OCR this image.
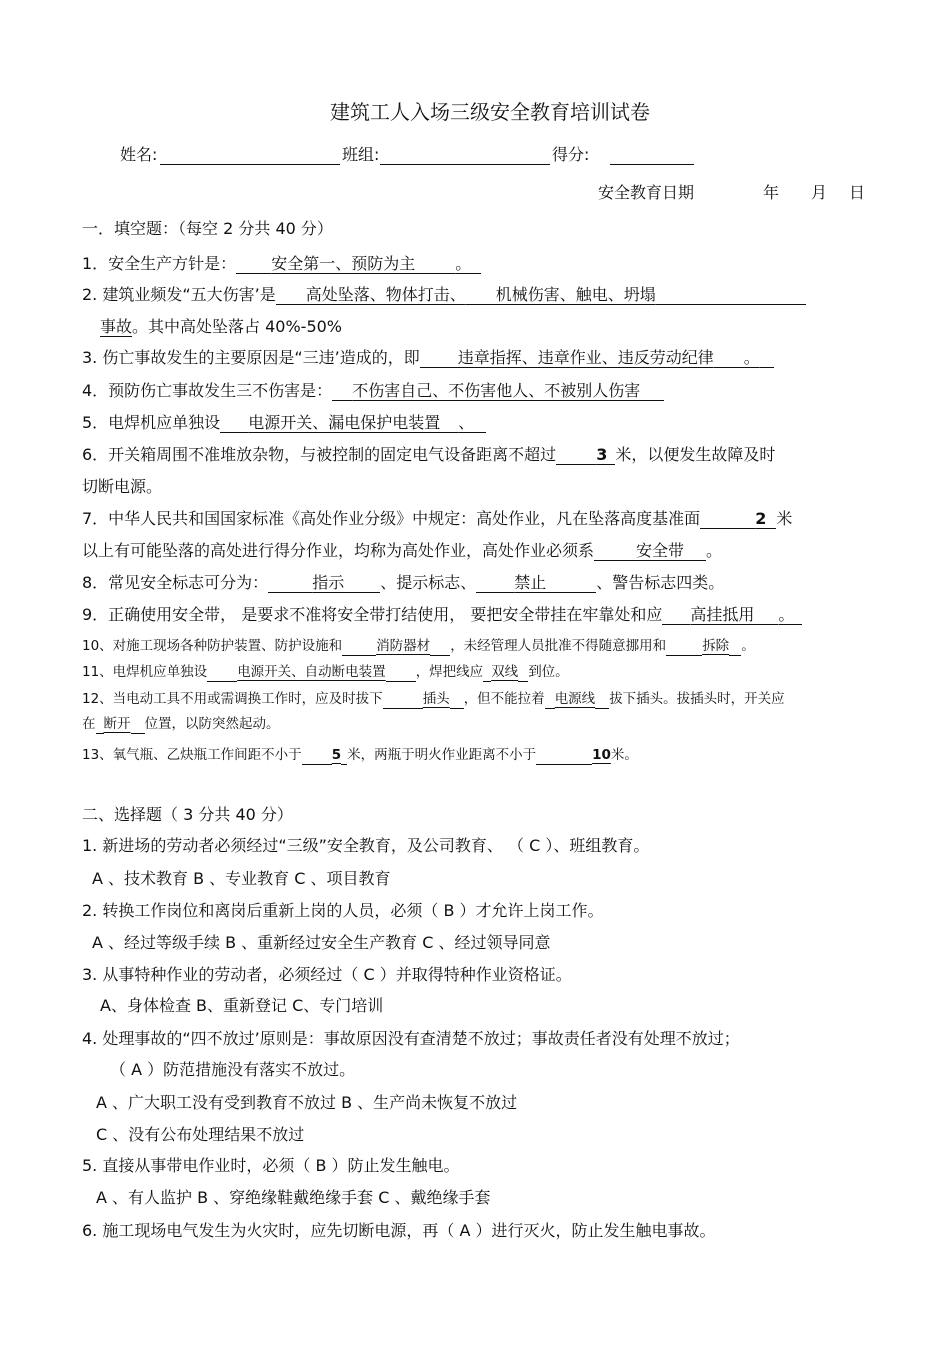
建筑工人入场三级安全教育培训试卷
姓名:	班组:	得分:
安全教育日期	年 月 日
一．填空题：（每空 2 分共 40 分）
1．安全生产方针是： 安全第一、预防为主	。
2. 建筑业频发“五大伤害’是 高处坠落、物体打击、 机械伤害、触电、坍塌
事故。其中高处坠落占 40%-50%
3. 伤亡事故发生的主要原因是“三违’造成的，即 违章指挥、违章作业、违反劳动纪律 。
4．预防伤亡事故发生三不伤害是： 不伤害自己、不伤害他人、不被别人伤害
5．电焊机应单独设 电源开关、漏电保护电装置 、
6．开关箱周围不准堆放杂物，与被控制的固定电气设备距离不超过	3 米，以便发生故障及时
切断电源。
7．中华人民共和国国家标准《高处作业分级》中规定：高处作业，凡在坠落高度基准面	2 米
以上有可能坠落的高处进行得分作业，均称为高处作业，高处作业必须系	安全带 。
8．常见安全标志可分为：	指示 、提示标志、 禁止	、警告标志四类。
9．正确使用安全带， 是要求不准将安全带打结使用， 要把安全带挂在牢靠处和应 高挂抵用 。
10、对施工现场各种防护装置、防护设施和	消防器材 ，未经管理人员批准不得随意挪用和	拆除 。
11、电焊机应单独设 电源开关、自动断电装置 ，焊把线应 双线 到位。
12、当电动工具不用或需调换工作时，应及时拔下	插头 ，但不能拉着 电源线 拔下插头。拔插头时，开关应
在 断开 位置，以防突然起动。
13、氧气瓶、乙炔瓶工作间距不小于 5 米，两瓶于明火作业距离不小于	10米。
二、选择题（ 3 分共 40 分）
1. 新进场的劳动者必须经过“三级”安全教育，及公司教育、 （ C ）、班组教育。
A 、技术教育 B 、专业教育 C 、项目教育
2. 转换工作岗位和离岗后重新上岗的人员，必须（ B ）才允许上岗工作。
A 、经过等级手续 B 、重新经过安全生产教育 C 、经过领导同意
3. 从事特种作业的劳动者，必须经过（ C ）并取得特种作业资格证。
A、身体检查 B、重新登记 C、专门培训
4. 处理事故的“四不放过’原则是：事故原因没有查清楚不放过；事故责任者没有处理不放过；
（ A ）防范措施没有落实不放过。
A 、广大职工没有受到教育不放过 B 、生产尚未恢复不放过
C 、没有公布处理结果不放过
5. 直接从事带电作业时，必须（ B ）防止发生触电。
A 、有人监护 B 、穿绝缘鞋戴绝缘手套 C 、戴绝缘手套
6. 施工现场电气发生为火灾时，应先切断电源，再（ A ）进行灭火，防止发生触电事故。
